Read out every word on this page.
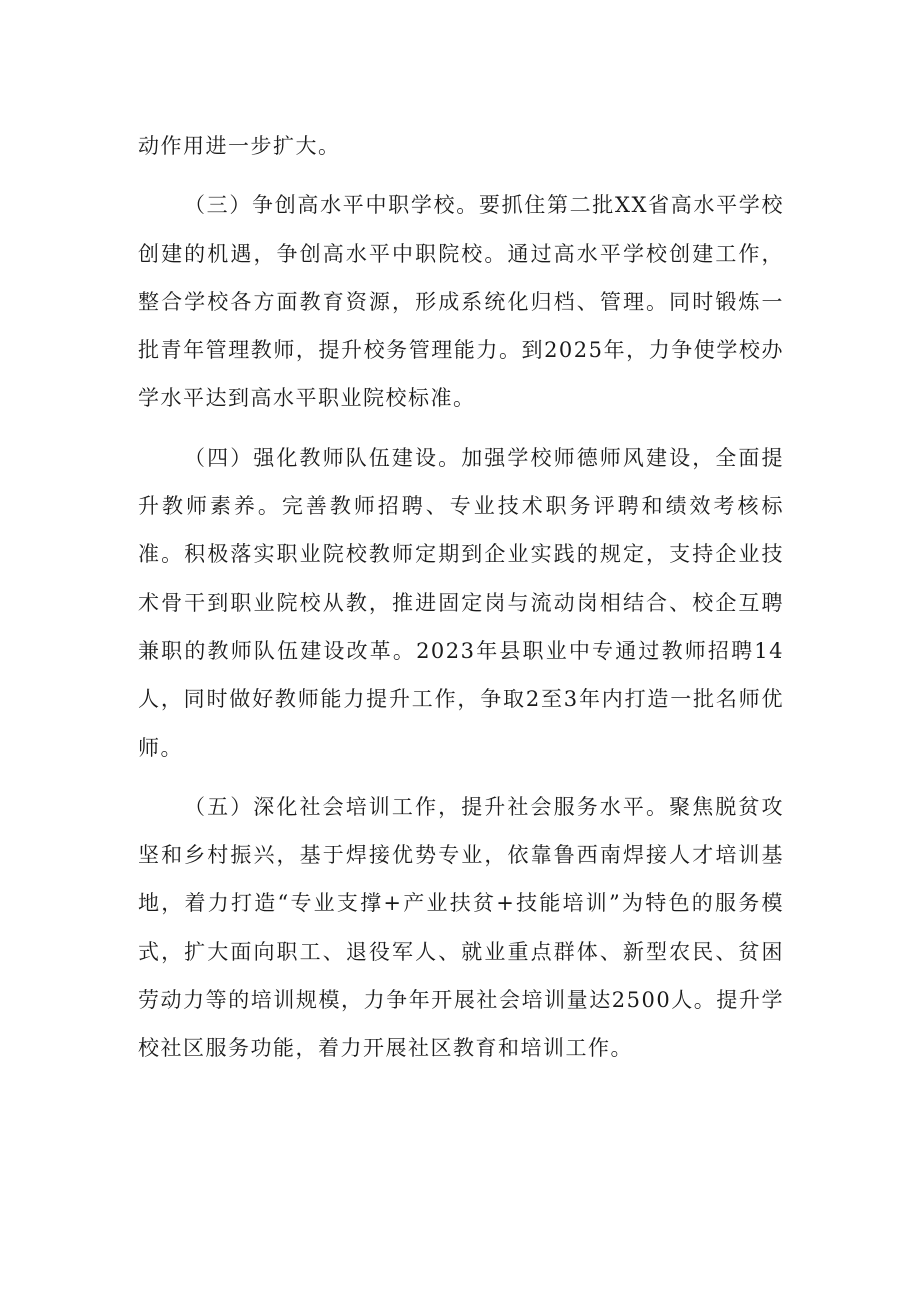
动作用进一步扩大。

（三）争创高水平中职学校。要抓住第二批XX省高水平学校创建的机遇，争创高水平中职院校。通过高水平学校创建工作，整合学校各方面教育资源，形成系统化归档、管理。同时锻炼一批青年管理教师，提升校务管理能力。到2025年，力争使学校办学水平达到高水平职业院校标准。

（四）强化教师队伍建设。加强学校师德师风建设，全面提升教师素养。完善教师招聘、专业技术职务评聘和绩效考核标准。积极落实职业院校教师定期到企业实践的规定，支持企业技术骨干到职业院校从教，推进固定岗与流动岗相结合、校企互聘兼职的教师队伍建设改革。2023年县职业中专通过教师招聘14人，同时做好教师能力提升工作，争取2至3年内打造一批名师优师。

（五）深化社会培训工作，提升社会服务水平。聚焦脱贫攻坚和乡村振兴，基于焊接优势专业，依靠鲁西南焊接人才培训基地，着力打造“专业支撑+产业扶贫+技能培训”为特色的服务模式，扩大面向职工、退役军人、就业重点群体、新型农民、贫困劳动力等的培训规模，力争年开展社会培训量达2500人。提升学校社区服务功能，着力开展社区教育和培训工作。
